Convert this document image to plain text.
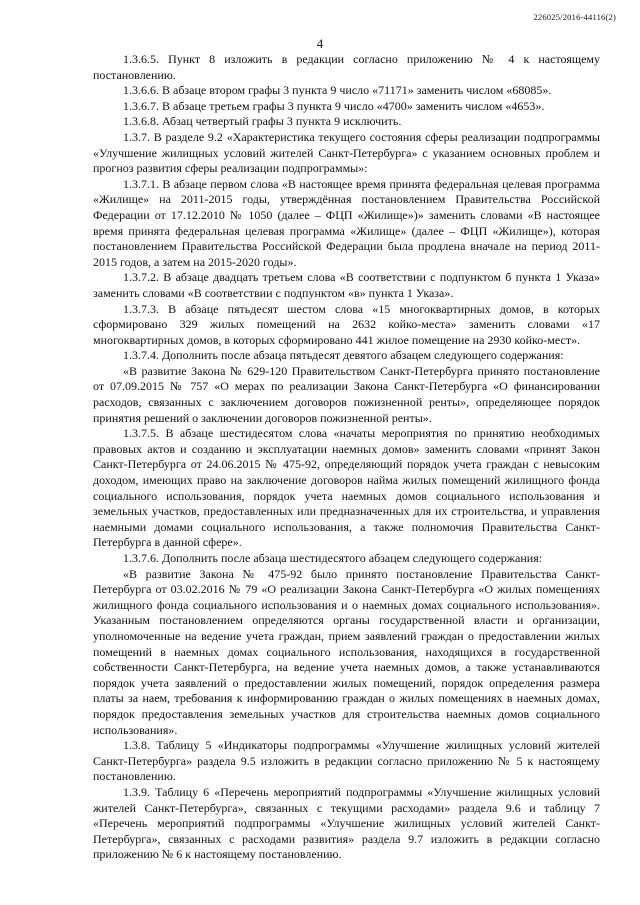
226025/2016-44116(2)
4

1.3.6.5. Пункт 8 изложить в редакции согласно приложению № 4 к настоящему постановлению.

1.3.6.6. В абзаце втором графы 3 пункта 9 число «71171» заменить числом «68085».

1.3.6.7. В абзаце третьем графы 3 пункта 9 число «4700» заменить числом «4653».

1.3.6.8. Абзац четвертый графы 3 пункта 9 исключить.

1.3.7. В разделе 9.2 «Характеристика текущего состояния сферы реализации подпрограммы «Улучшение жилищных условий жителей Санкт-Петербурга» с указанием основных проблем и прогноз развития сферы реализации подпрограммы»:

1.3.7.1. В абзаце первом слова «В настоящее время принята федеральная целевая программа «Жилище» на 2011-2015 годы, утверждённая постановлением Правительства Российской Федерации от 17.12.2010 № 1050 (далее – ФЦП «Жилище»)» заменить словами «В настоящее время принята федеральная целевая программа «Жилище» (далее – ФЦП «Жилище»), которая постановлением Правительства Российской Федерации была продлена вначале на период 2011-2015 годов, а затем на 2015-2020 годы».

1.3.7.2. В абзаце двадцать третьем слова «В соответствии с подпунктом б пункта 1 Указа» заменить словами «В соответствии с подпунктом «в» пункта 1 Указа».

1.3.7.3. В абзаце пятьдесят шестом слова «15 многоквартирных домов, в которых сформировано 329 жилых помещений на 2632 койко-места» заменить словами «17 многоквартирных домов, в которых сформировано 441 жилое помещение на 2930 койко-мест».

1.3.7.4. Дополнить после абзаца пятьдесят девятого абзацем следующего содержания:

«В развитие Закона № 629-120 Правительством Санкт-Петербурга принято постановление от 07.09.2015 № 757 «О мерах по реализации Закона Санкт-Петербурга «О финансировании расходов, связанных с заключением договоров пожизненной ренты», определяющее порядок принятия решений о заключении договоров пожизненной ренты».

1.3.7.5. В абзаце шестидесятом слова «начаты мероприятия по принятию необходимых правовых актов и созданию и эксплуатации наемных домов» заменить словами «принят Закон Санкт-Петербурга от 24.06.2015 № 475-92, определяющий порядок учета граждан с невысоким доходом, имеющих право на заключение договоров найма жилых помещений жилищного фонда социального использования, порядок учета наемных домов социального использования и земельных участков, предоставленных или предназначенных для их строительства, и управления наемными домами социального использования, а также полномочия Правительства Санкт-Петербурга в данной сфере».

1.3.7.6. Дополнить после абзаца шестидесятого абзацем следующего содержания:

«В развитие Закона № 475-92 было принято постановление Правительства Санкт-Петербурга от 03.02.2016 № 79 «О реализации Закона Санкт-Петербурга «О жилых помещениях жилищного фонда социального использования и о наемных домах социального использования». Указанным постановлением определяются органы государственной власти и организации, уполномоченные на ведение учета граждан, прием заявлений граждан о предоставлении жилых помещений в наемных домах социального использования, находящихся в государственной собственности Санкт-Петербурга, на ведение учета наемных домов, а также устанавливаются порядок учета заявлений о предоставлении жилых помещений, порядок определения размера платы за наем, требования к информированию граждан о жилых помещениях в наемных домах, порядок предоставления земельных участков для строительства наемных домов социального использования».

1.3.8. Таблицу 5 «Индикаторы подпрограммы «Улучшение жилищных условий жителей Санкт-Петербурга» раздела 9.5 изложить в редакции согласно приложению № 5 к настоящему постановлению.

1.3.9. Таблицу 6 «Перечень мероприятий подпрограммы «Улучшение жилищных условий жителей Санкт-Петербурга», связанных с текущими расходами» раздела 9.6 и таблицу 7 «Перечень мероприятий подпрограммы «Улучшение жилищных условий жителей Санкт-Петербурга», связанных с расходами развития» раздела 9.7 изложить в редакции согласно приложению № 6 к настоящему постановлению.
